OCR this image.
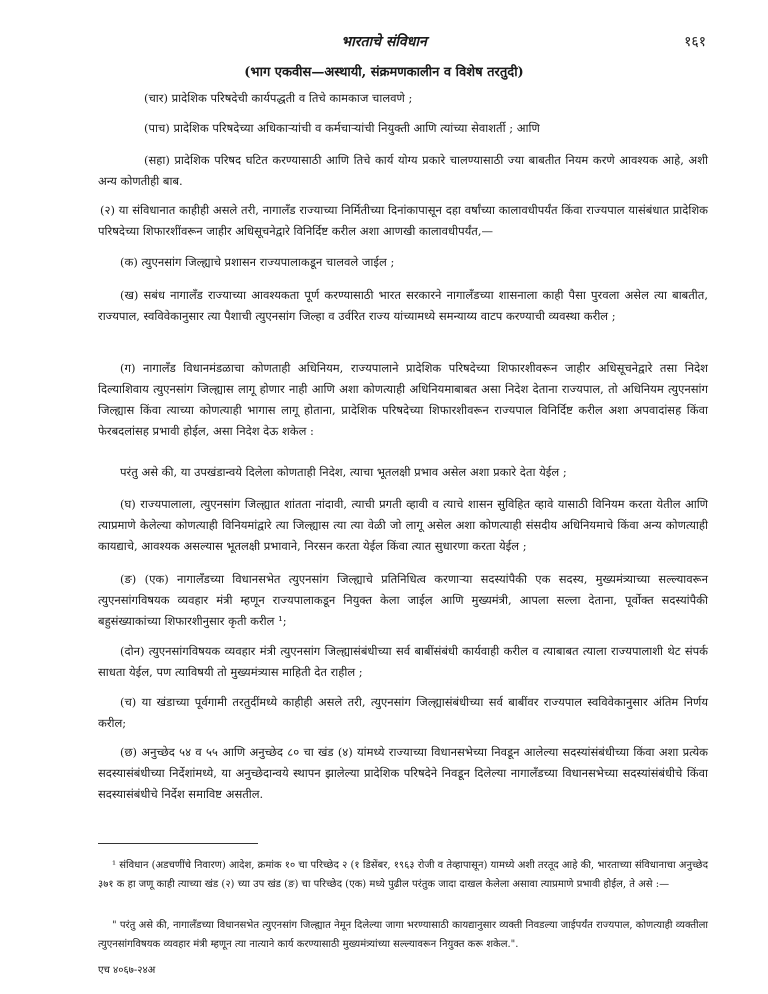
भारताचे संविधान	१६१
(भाग एकवीस—अस्थायी, संक्रमणकालीन व विशेष तरतुदी)

(चार) प्रादेशिक परिषदेची कार्यपद्धती व तिचे कामकाज चालवणे ;

(पाच) प्रादेशिक परिषदेच्या अधिकाऱ्यांची व कर्मचाऱ्यांची नियुक्ती आणि त्यांच्या सेवाशर्ती ; आणि

(सहा) प्रादेशिक परिषद घटित करण्यासाठी आणि तिचे कार्य योग्य प्रकारे चालण्यासाठी ज्या बाबतीत नियम करणे आवश्यक आहे, अशी अन्य कोणतीही बाब.

(२) या संविधानात काहीही असले तरी, नागालँड राज्याच्या निर्मितीच्या दिनांकापासून दहा वर्षांच्या कालावधीपर्यंत किंवा राज्यपाल यासंबंधात प्रादेशिक परिषदेच्या शिफारशींवरून जाहीर अधिसूचनेद्वारे विनिर्दिष्ट करील अशा आणखी कालावधीपर्यंत,—

(क) त्युएनसांग जिल्ह्याचे प्रशासन राज्यपालाकडून चालवले जाईल ;

(ख) सबंध नागालँड राज्याच्या आवश्यकता पूर्ण करण्यासाठी भारत सरकारने नागालँडच्या शासनाला काही पैसा पुरवला असेल त्या बाबतीत, राज्यपाल, स्वविवेकानुसार त्या पैशाची त्युएनसांग जिल्हा व उर्वरित राज्य यांच्यामध्ये समन्याय्य वाटप करण्याची व्यवस्था करील ;

(ग) नागालँड विधानमंडळाचा कोणताही अधिनियम, राज्यपालाने प्रादेशिक परिषदेच्या शिफारशीवरून जाहीर अधिसूचनेद्वारे तसा निदेश दिल्याशिवाय त्युएनसांग जिल्ह्यास लागू होणार नाही आणि अशा कोणत्याही अधिनियमाबाबत असा निदेश देताना राज्यपाल, तो अधिनियम त्युएनसांग जिल्ह्यास किंवा त्याच्या कोणत्याही भागास लागू होताना, प्रादेशिक परिषदेच्या शिफारशीवरून राज्यपाल विनिर्दिष्ट करील अशा अपवादांसह किंवा फेरबदलांसह प्रभावी होईल, असा निदेश देऊ शकेल :

परंतु असे की, या उपखंडान्वये दिलेला कोणताही निदेश, त्याचा भूतलक्षी प्रभाव असेल अशा प्रकारे देता येईल ;

(घ) राज्यपालाला, त्युएनसांग जिल्ह्यात शांतता नांदावी, त्याची प्रगती व्हावी व त्याचे शासन सुविहित व्हावे यासाठी विनियम करता येतील आणि त्याप्रमाणे केलेल्या कोणत्याही विनियमांद्वारे त्या जिल्ह्यास त्या त्या वेळी जो लागू असेल अशा कोणत्याही संसदीय अधिनियमाचे किंवा अन्य कोणत्याही कायद्याचे, आवश्यक असल्यास भूतलक्षी प्रभावाने, निरसन करता येईल किंवा त्यात सुधारणा करता येईल ;

(ङ) (एक) नागालँडच्या विधानसभेत त्युएनसांग जिल्ह्याचे प्रतिनिधित्व करणाऱ्या सदस्यांपैकी एक सदस्य, मुख्यमंत्र्याच्या सल्ल्यावरून त्युएनसांगविषयक व्यवहार मंत्री म्हणून राज्यपालाकडून नियुक्त केला जाईल आणि मुख्यमंत्री, आपला सल्ला देताना, पूर्वोक्त सदस्यांपैकी बहुसंख्याकांच्या शिफारशीनुसार कृती करील ¹;

(दोन) त्युएनसांगविषयक व्यवहार मंत्री त्युएनसांग जिल्ह्यासंबंधीच्या सर्व बाबींसंबंधी कार्यवाही करील व त्याबाबत त्याला राज्यपालाशी थेट संपर्क साधता येईल, पण त्याविषयी तो मुख्यमंत्र्यास माहिती देत राहील ;

(च) या खंडाच्या पूर्वगामी तरतुदींमध्ये काहीही असले तरी, त्युएनसांग जिल्ह्यासंबंधीच्या सर्व बाबींवर राज्यपाल स्वविवेकानुसार अंतिम निर्णय करील;

(छ) अनुच्छेद ५४ व ५५ आणि अनुच्छेद ८० चा खंड (४) यांमध्ये राज्याच्या विधानसभेच्या निवडून आलेल्या सदस्यांसंबंधीच्या किंवा अशा प्रत्येक सदस्यासंबंधीच्या निर्देशांमध्ये, या अनुच्छेदान्वये स्थापन झालेल्या प्रादेशिक परिषदेने निवडून दिलेल्या नागालँडच्या विधानसभेच्या सदस्यांसंबंधीचे किंवा सदस्यासंबंधीचे निर्देश समाविष्ट असतील.

¹ संविधान (अडचणींचे निवारण) आदेश, क्रमांक १० चा परिच्छेद २ (१ डिसेंबर, १९६३ रोजी व तेव्हापासून) यामध्ये अशी तरतूद आहे की, भारताच्या संविधानाचा अनुच्छेद ३७१ क हा जणू काही त्याच्या खंड (२) च्या उप खंड (ङ) चा परिच्छेद (एक) मध्ये पुढील परंतुक जादा दाखल केलेला असावा त्याप्रमाणे प्रभावी होईल, ते असे :—

" परंतु असे की, नागालँडच्या विधानसभेत त्युएनसांग जिल्ह्यात नेमून दिलेल्या जागा भरण्यासाठी कायद्यानुसार व्यक्ती निवडल्या जाईपर्यंत राज्यपाल, कोणत्याही व्यक्तीला त्युएनसांगविषयक व्यवहार मंत्री म्हणून त्या नात्याने कार्य करण्यासाठी मुख्यमंत्र्यांच्या सल्ल्यावरून नियुक्त करू शकेल.".

एच ४०६७-२४अ
